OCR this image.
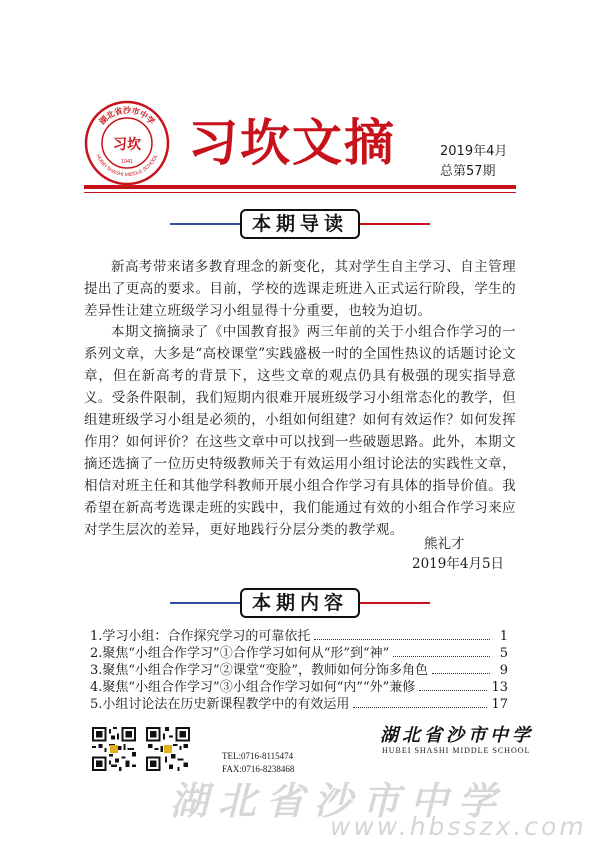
湖北省沙市中学
HUBEI SHASHI MIDDLE SCHOOL
习坎
1941 习坎文摘	2019年4月
总第57期
本期导读

新高考带来诸多教育理念的新变化，其对学生自主学习、自主管理提出了更高的要求。目前，学校的选课走班进入正式运行阶段，学生的差异性让建立班级学习小组显得十分重要，也较为迫切。

本期文摘摘录了《中国教育报》两三年前的关于小组合作学习的一系列文章，大多是“高校课堂”实践盛极一时的全国性热议的话题讨论文章，但在新高考的背景下，这些文章的观点仍具有极强的现实指导意义。受条件限制，我们短期内很难开展班级学习小组常态化的教学，但组建班级学习小组是必须的，小组如何组建？如何有效运作？如何发挥作用？如何评价？在这些文章中可以找到一些破题思路。此外，本期文摘还选摘了一位历史特级教师关于有效运用小组讨论法的实践性文章，相信对班主任和其他学科教师开展小组合作学习有具体的指导价值。我希望在新高考选课走班的实践中，我们能通过有效的小组合作学习来应对学生层次的差异，更好地践行分层分类的教学观。

熊礼才
2019年4月5日
本期内容
1.学习小组：合作探究学习的可靠依托	1
2.聚焦“小组合作学习”①合作学习如何从“形”到“神”	5
3.聚焦“小组合作学习”②课堂“变脸”，教师如何分饰多角色	9
4.聚焦“小组合作学习”③小组合作学习如何“内”“外”兼修	13
5.小组讨论法在历史新课程教学中的有效运用	17
TEL:0716-8115474
FAX:0716-8238468
湖北省沙市中学
HUBEI SHASHI MIDDLE SCHOOL
湖北省沙市中学
www.hbsszx.com
